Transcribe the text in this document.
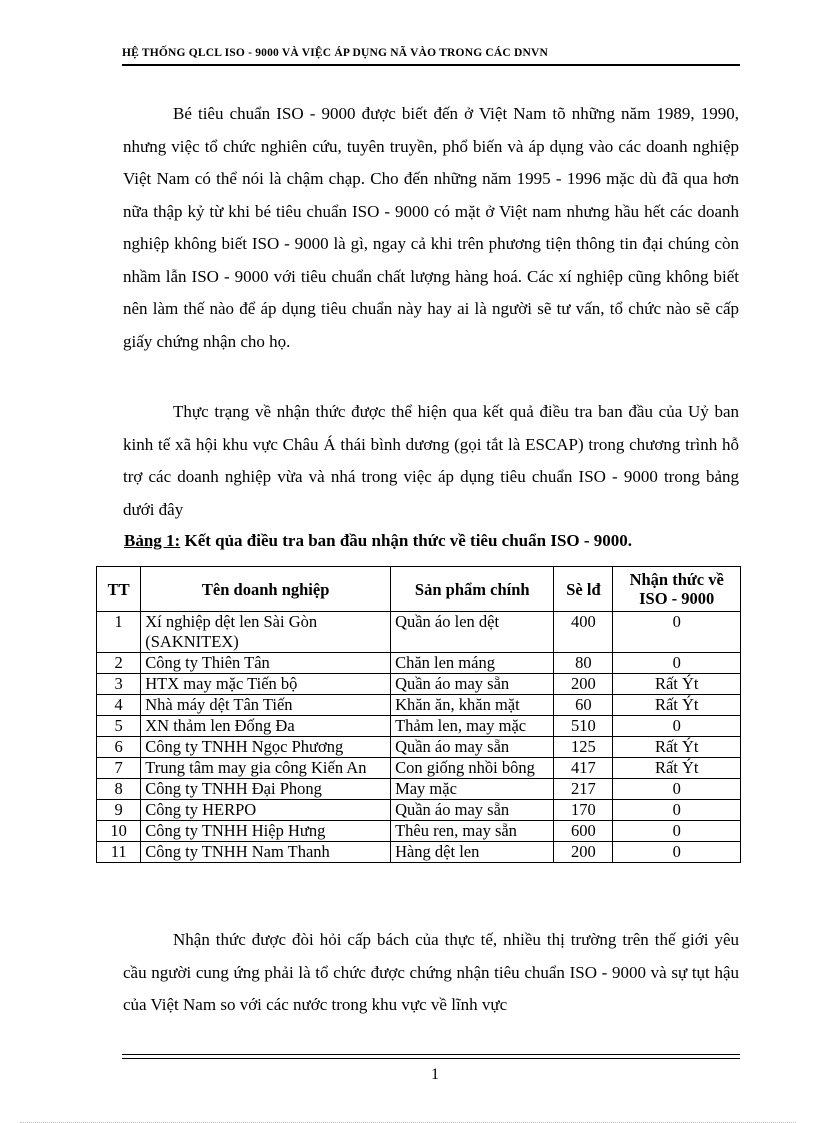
HỆ THỐNG QLCL ISO - 9000 VÀ VIỆC ÁP DỤNG NÃ VÀO TRONG CÁC DNVN

Bé tiêu chuẩn ISO - 9000 được biết đến ở Việt Nam tõ những năm 1989, 1990, nhưng việc tổ chức nghiên cứu, tuyên truyền, phổ biến và áp dụng vào các doanh nghiệp Việt Nam có thể nói là chậm chạp. Cho đến những năm 1995 - 1996 mặc dù đã qua hơn nữa thập kỷ từ khi bé tiêu chuẩn ISO - 9000 có mặt ở Việt nam nhưng hầu hết các doanh nghiệp không biết ISO - 9000 là gì, ngay cả khi trên phương tiện thông tin đại chúng còn nhầm lẫn ISO - 9000 với tiêu chuẩn chất lượng hàng hoá. Các xí nghiệp cũng không biết nên làm thế nào để áp dụng tiêu chuẩn này hay ai là người sẽ tư vấn, tổ chức nào sẽ cấp giấy chứng nhận cho họ.

Thực trạng về nhận thức được thể hiện qua kết quả điều tra ban đầu của Uỷ ban kinh tế xã hội khu vực Châu Á thái bình dương (gọi tắt là ESCAP) trong chương trình hỗ trợ các doanh nghiệp vừa và nhá trong việc áp dụng tiêu chuẩn ISO - 9000 trong bảng dưới đây

Bảng 1: Kết qủa điều tra ban đầu nhận thức về tiêu chuẩn ISO - 9000.
TT	Tên doanh nghiệp	Sản phẩm chính	Sè lđ	Nhận thức về ISO - 9000
1	Xí nghiệp dệt len Sài Gòn (SAKNITEX)	Quần áo len dệt	400	0
2	Công ty Thiên Tân	Chăn len máng	80	0
3	HTX may mặc Tiến bộ	Quần áo may sẵn	200	Rất Ýt
4	Nhà máy dệt Tân Tiến	Khăn ăn, khăn mặt	60	Rất Ýt
5	XN thảm len Đống Đa	Thảm len, may mặc	510	0
6	Công ty TNHH Ngọc Phương	Quần áo may sẵn	125	Rất Ýt
7	Trung tâm may gia công Kiến An	Con giống nhồi bông	417	Rất Ýt
8	Công ty TNHH Đại Phong	May mặc	217	0
9	Công ty HERPO	Quần áo may sẵn	170	0
10	Công ty TNHH Hiệp Hưng	Thêu ren, may sẵn	600	0
11	Công ty TNHH Nam Thanh	Hàng dệt len	200	0

Nhận thức được đòi hỏi cấp bách của thực tế, nhiều thị trường trên thế giới yêu cầu người cung ứng phải là tổ chức được chứng nhận tiêu chuẩn ISO - 9000 và sự tụt hậu của Việt Nam so với các nước trong khu vực về lĩnh vực

1
